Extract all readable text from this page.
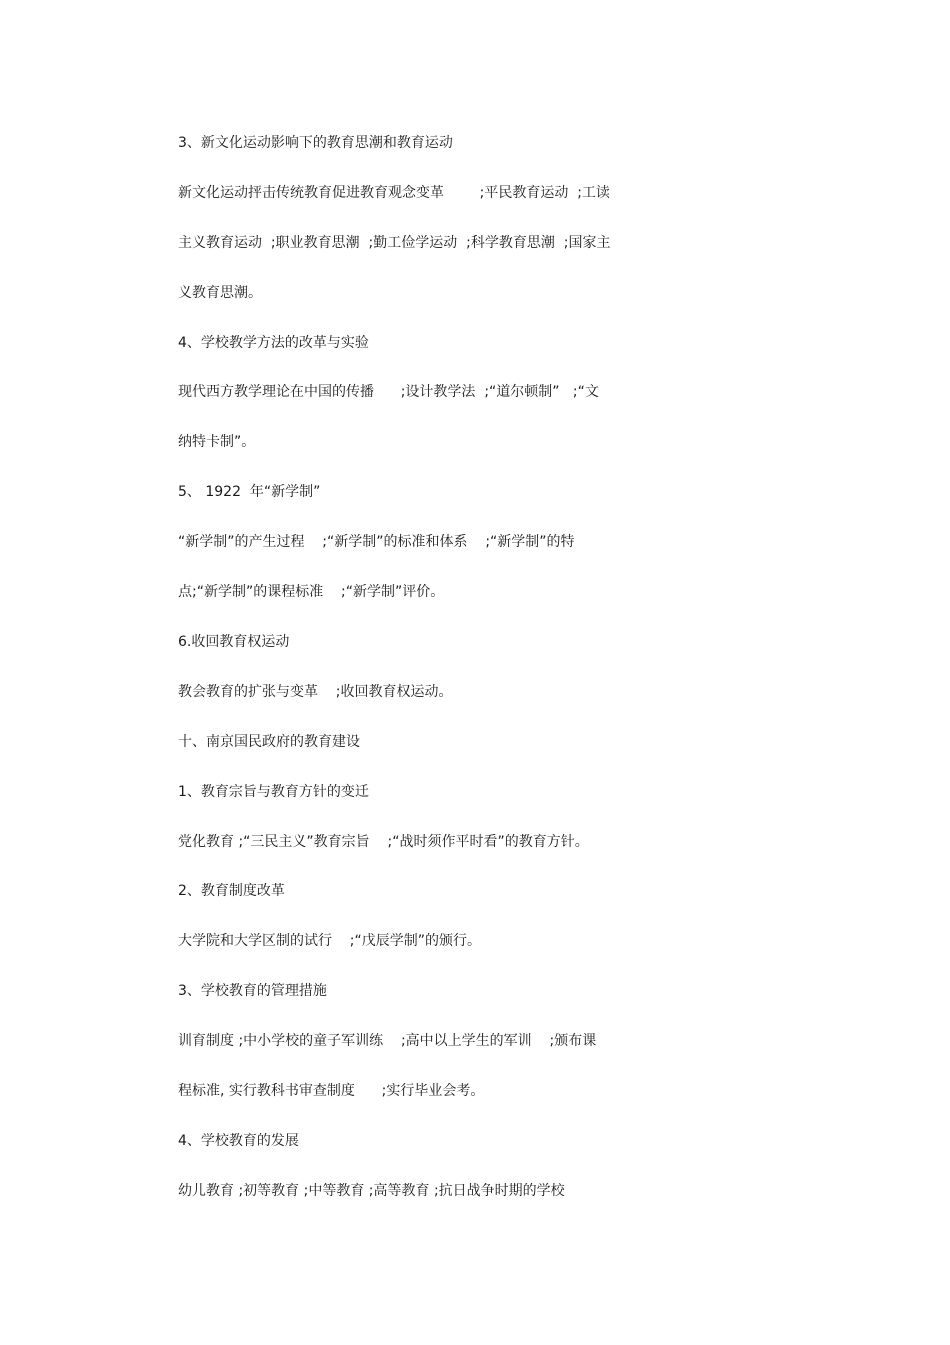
3、新文化运动影响下的教育思潮和教育运动

新文化运动抨击传统教育促进教育观念变革        ;平民教育运动  ;工读

主义教育运动  ;职业教育思潮  ;勤工俭学运动  ;科学教育思潮  ;国家主

义教育思潮。

4、学校教学方法的改革与实验

现代西方教学理论在中国的传播      ;设计教学法  ;“道尔顿制”   ;“文

纳特卡制”。

5、 1922  年“新学制”

“新学制”的产生过程    ;“新学制”的标准和体系    ;“新学制”的特

点;“新学制”的课程标准    ;“新学制”评价。

6.收回教育权运动

教会教育的扩张与变革    ;收回教育权运动。

十、南京国民政府的教育建设

1、教育宗旨与教育方针的变迁

党化教育 ;“三民主义”教育宗旨    ;“战时须作平时看”的教育方针。

2、教育制度改革

大学院和大学区制的试行    ;“戊辰学制”的颁行。

3、学校教育的管理措施

训育制度 ;中小学校的童子军训练    ;高中以上学生的军训    ;颁布课

程标准, 实行教科书审查制度      ;实行毕业会考。

4、学校教育的发展

幼儿教育 ;初等教育 ;中等教育 ;高等教育 ;抗日战争时期的学校
